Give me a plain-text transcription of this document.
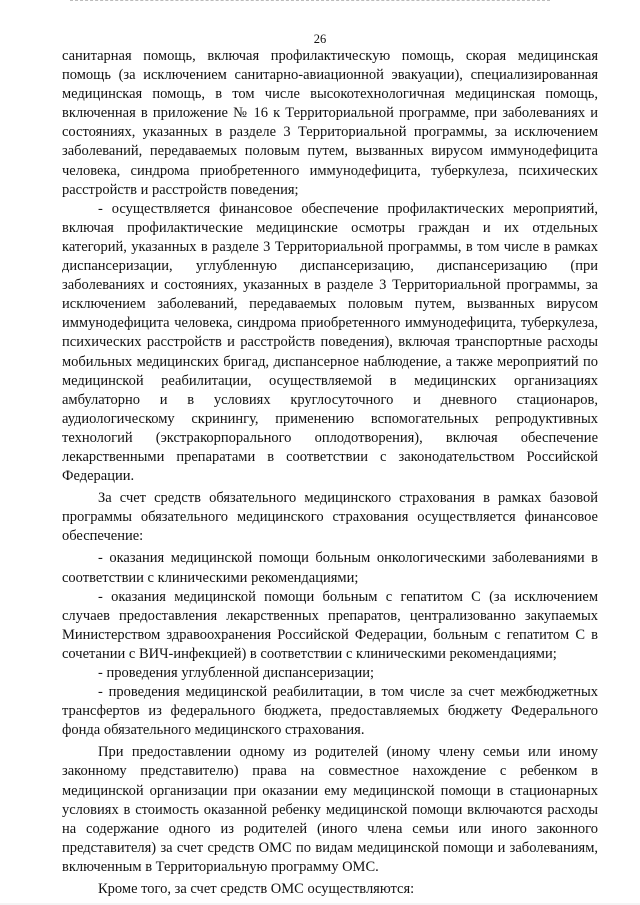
26

санитарная помощь, включая профилактическую помощь, скорая медицинская помощь (за исключением санитарно-авиационной эвакуации), специализированная медицинская помощь, в том числе высокотехнологичная медицинская помощь, включенная в приложение № 16 к Территориальной программе, при заболеваниях и состояниях, указанных в разделе 3 Территориальной программы, за исключением заболеваний, передаваемых половым путем, вызванных вирусом иммунодефицита человека, синдрома приобретенного иммунодефицита, туберкулеза, психических расстройств и расстройств поведения;

- осуществляется финансовое обеспечение профилактических мероприятий, включая профилактические медицинские осмотры граждан и их отдельных категорий, указанных в разделе 3 Территориальной программы, в том числе в рамках диспансеризации, углубленную диспансеризацию, диспансеризацию (при заболеваниях и состояниях, указанных в разделе 3 Территориальной программы, за исключением заболеваний, передаваемых половым путем, вызванных вирусом иммунодефицита человека, синдрома приобретенного иммунодефицита, туберкулеза, психических расстройств и расстройств поведения), включая транспортные расходы мобильных медицинских бригад, диспансерное наблюдение, а также мероприятий по медицинской реабилитации, осуществляемой в медицинских организациях амбулаторно и в условиях круглосуточного и дневного стационаров, аудиологическому скринингу, применению вспомогательных репродуктивных технологий (экстракорпорального оплодотворения), включая обеспечение лекарственными препаратами в соответствии с законодательством Российской Федерации.

За счет средств обязательного медицинского страхования в рамках базовой программы обязательного медицинского страхования осуществляется финансовое обеспечение:

- оказания медицинской помощи больным онкологическими заболеваниями в соответствии с клиническими рекомендациями;

- оказания медицинской помощи больным с гепатитом С (за исключением случаев предоставления лекарственных препаратов, централизованно закупаемых Министерством здравоохранения Российской Федерации, больным с гепатитом С в сочетании с ВИЧ-инфекцией) в соответствии с клиническими рекомендациями;

- проведения углубленной диспансеризации;

- проведения медицинской реабилитации, в том числе за счет межбюджетных трансфертов из федерального бюджета, предоставляемых бюджету Федерального фонда обязательного медицинского страхования.

При предоставлении одному из родителей (иному члену семьи или иному законному представителю) права на совместное нахождение с ребенком в медицинской организации при оказании ему медицинской помощи в стационарных условиях в стоимость оказанной ребенку медицинской помощи включаются расходы на содержание одного из родителей (иного члена семьи или иного законного представителя) за счет средств ОМС по видам медицинской помощи и заболеваниям, включенным в Территориальную программу ОМС.

Кроме того, за счет средств ОМС осуществляются:
